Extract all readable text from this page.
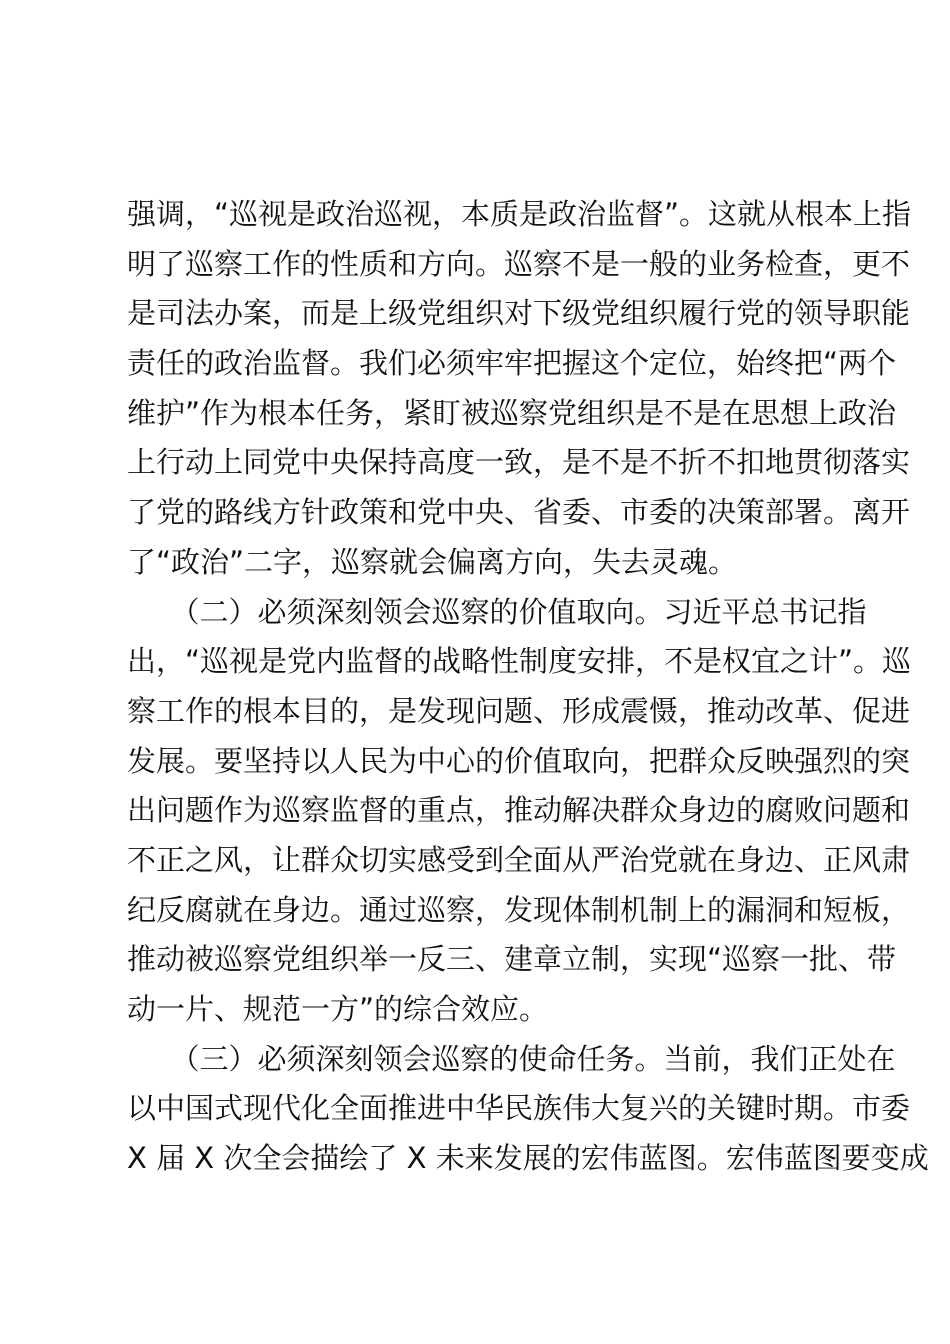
强调，“巡视是政治巡视，本质是政治监督”。这就从根本上指
明了巡察工作的性质和方向。巡察不是一般的业务检查，更不
是司法办案，而是上级党组织对下级党组织履行党的领导职能
责任的政治监督。我们必须牢牢把握这个定位，始终把“两个
维护”作为根本任务，紧盯被巡察党组织是不是在思想上政治
上行动上同党中央保持高度一致，是不是不折不扣地贯彻落实
了党的路线方针政策和党中央、省委、市委的决策部署。离开
了“政治”二字，巡察就会偏离方向，失去灵魂。
　　（二）必须深刻领会巡察的价值取向。习近平总书记指
出，“巡视是党内监督的战略性制度安排，不是权宜之计”。巡
察工作的根本目的，是发现问题、形成震慑，推动改革、促进
发展。要坚持以人民为中心的价值取向，把群众反映强烈的突
出问题作为巡察监督的重点，推动解决群众身边的腐败问题和
不正之风，让群众切实感受到全面从严治党就在身边、正风肃
纪反腐就在身边。通过巡察，发现体制机制上的漏洞和短板，
推动被巡察党组织举一反三、建章立制，实现“巡察一批、带
动一片、规范一方”的综合效应。
　　（三）必须深刻领会巡察的使命任务。当前，我们正处在
以中国式现代化全面推进中华民族伟大复兴的关键时期。市委
X 届 X 次全会描绘了 X 未来发展的宏伟蓝图。宏伟蓝图要变成
